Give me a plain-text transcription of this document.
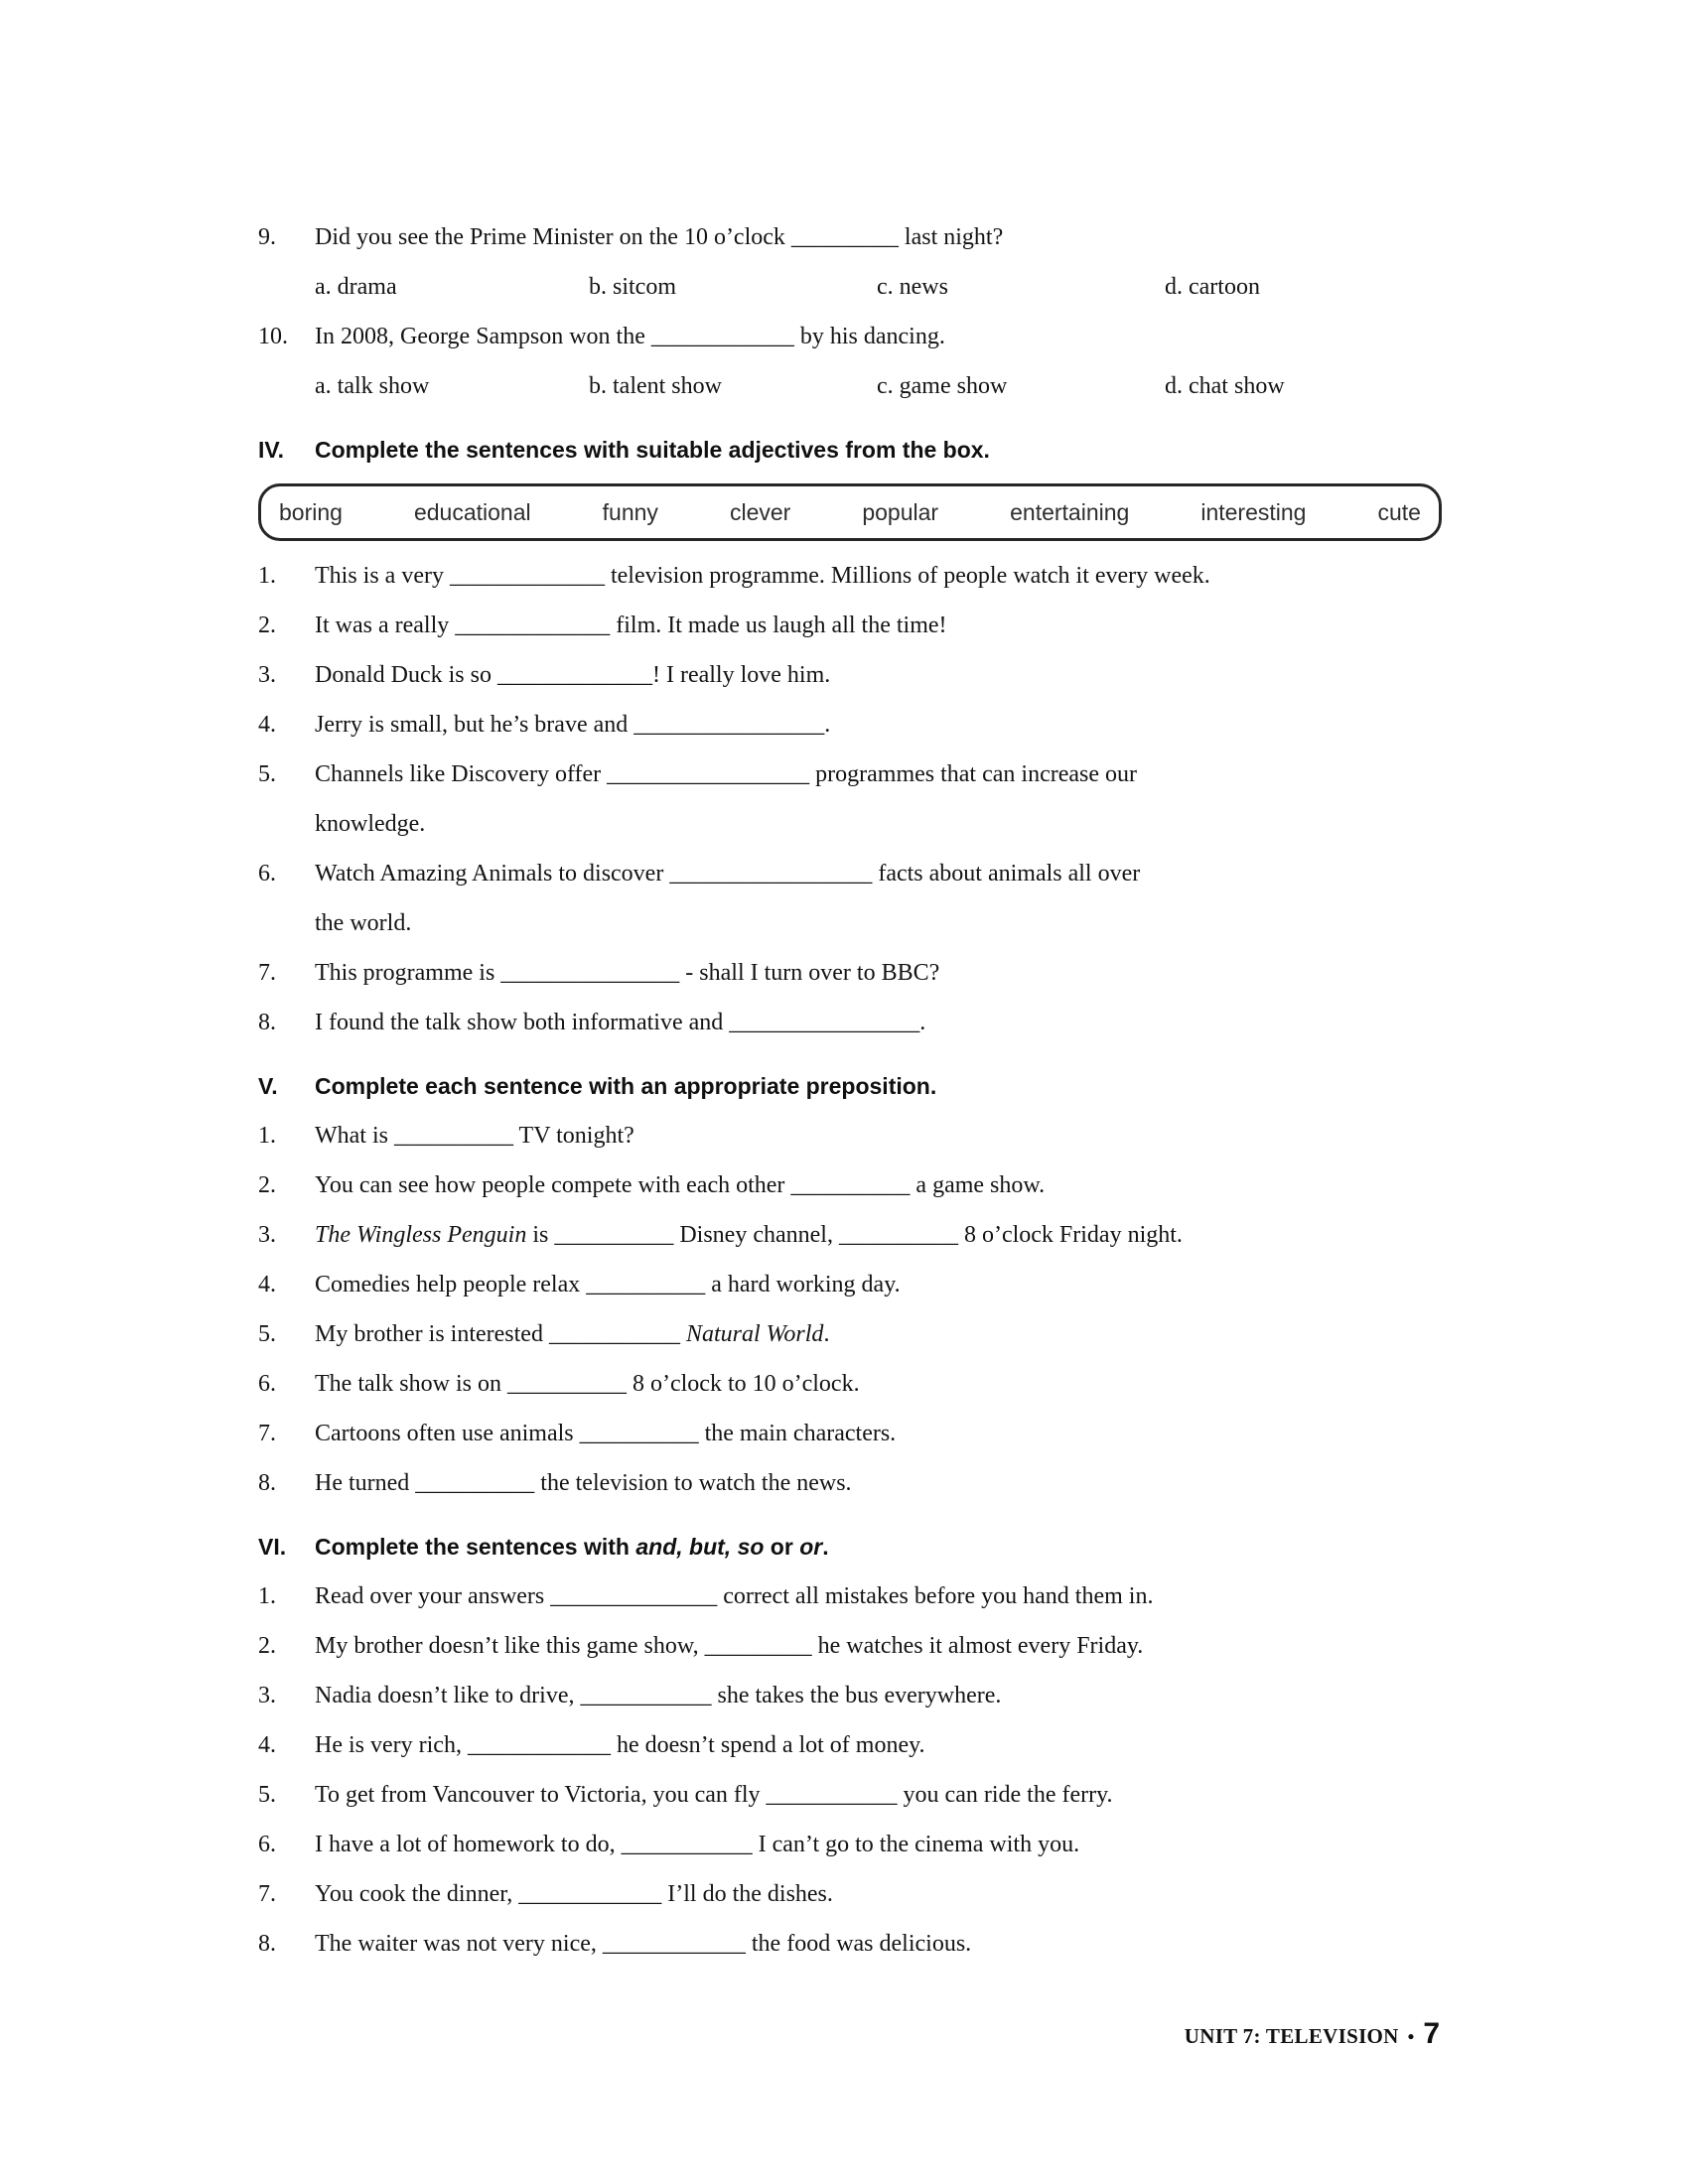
9.	Did you see the Prime Minister on the 10 o’clock _________ last night?
a. drama	b. sitcom	c. news	d. cartoon
10.	In 2008, George Sampson won the ____________ by his dancing.
a. talk show	b. talent show	c. game show	d. chat show
IV.	Complete the sentences with suitable adjectives from the box.
boring	educational	funny	clever	popular	entertaining	interesting	cute
1.	This is a very _____________ television programme. Millions of people watch it every week.
2.	It was a really _____________ film. It made us laugh all the time!
3.	Donald Duck is so _____________! I really love him.
4.	Jerry is small, but he’s brave and ________________.
5.	Channels like Discovery offer _________________ programmes that can increase our
knowledge.
6.	Watch Amazing Animals to discover _________________ facts about animals all over
the world.
7.	This programme is _______________ - shall I turn over to BBC?
8.	I found the talk show both informative and ________________.
V.	Complete each sentence with an appropriate preposition.
1.	What is __________ TV tonight?
2.	You can see how people compete with each other __________ a game show.
3.	The Wingless Penguin is __________ Disney channel, __________ 8 o’clock Friday night.
4.	Comedies help people relax __________ a hard working day.
5.	My brother is interested ___________ Natural World.
6.	The talk show is on __________ 8 o’clock to 10 o’clock.
7.	Cartoons often use animals __________ the main characters.
8.	He turned __________ the television to watch the news.
VI.	Complete the sentences with and, but, so or or.
1.	Read over your answers ______________ correct all mistakes before you hand them in.
2.	My brother doesn’t like this game show, _________ he watches it almost every Friday.
3.	Nadia doesn’t like to drive, ___________ she takes the bus everywhere.
4.	He is very rich, ____________ he doesn’t spend a lot of money.
5.	To get from Vancouver to Victoria, you can fly ___________ you can ride the ferry.
6.	I have a lot of homework to do, ___________ I can’t go to the cinema with you.
7.	You cook the dinner, ____________ I’ll do the dishes.
8.	The waiter was not very nice, ____________ the food was delicious.
UNIT 7: TELEVISION • 7
